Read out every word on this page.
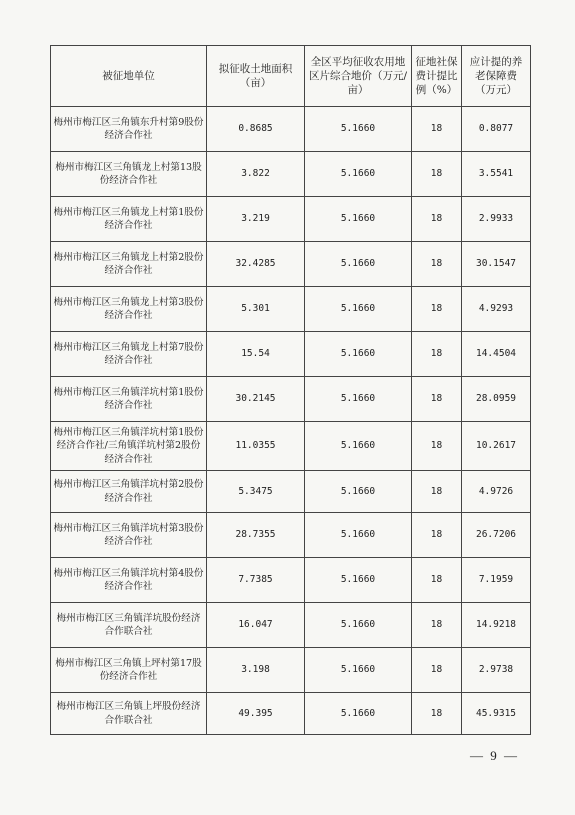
被征地单位	拟征收土地面积（亩）	全区平均征收农用地区片综合地价（万元/亩）	征地社保费计提比例（%）	应计提的养老保障费（万元）
梅州市梅江区三角镇东升村第9股份经济合作社	0.8685	5.1660	18	0.8077
梅州市梅江区三角镇龙上村第13股份经济合作社	3.822	5.1660	18	3.5541
梅州市梅江区三角镇龙上村第1股份经济合作社	3.219	5.1660	18	2.9933
梅州市梅江区三角镇龙上村第2股份经济合作社	32.4285	5.1660	18	30.1547
梅州市梅江区三角镇龙上村第3股份经济合作社	5.301	5.1660	18	4.9293
梅州市梅江区三角镇龙上村第7股份经济合作社	15.54	5.1660	18	14.4504
梅州市梅江区三角镇洋坑村第1股份经济合作社	30.2145	5.1660	18	28.0959
梅州市梅江区三角镇洋坑村第1股份经济合作社/三角镇洋坑村第2股份经济合作社	11.0355	5.1660	18	10.2617
梅州市梅江区三角镇洋坑村第2股份经济合作社	5.3475	5.1660	18	4.9726
梅州市梅江区三角镇洋坑村第3股份经济合作社	28.7355	5.1660	18	26.7206
梅州市梅江区三角镇洋坑村第4股份经济合作社	7.7385	5.1660	18	7.1959
梅州市梅江区三角镇洋坑股份经济合作联合社	16.047	5.1660	18	14.9218
梅州市梅江区三角镇上坪村第17股份经济合作社	3.198	5.1660	18	2.9738
梅州市梅江区三角镇上坪股份经济合作联合社	49.395	5.1660	18	45.9315
— 9 —
